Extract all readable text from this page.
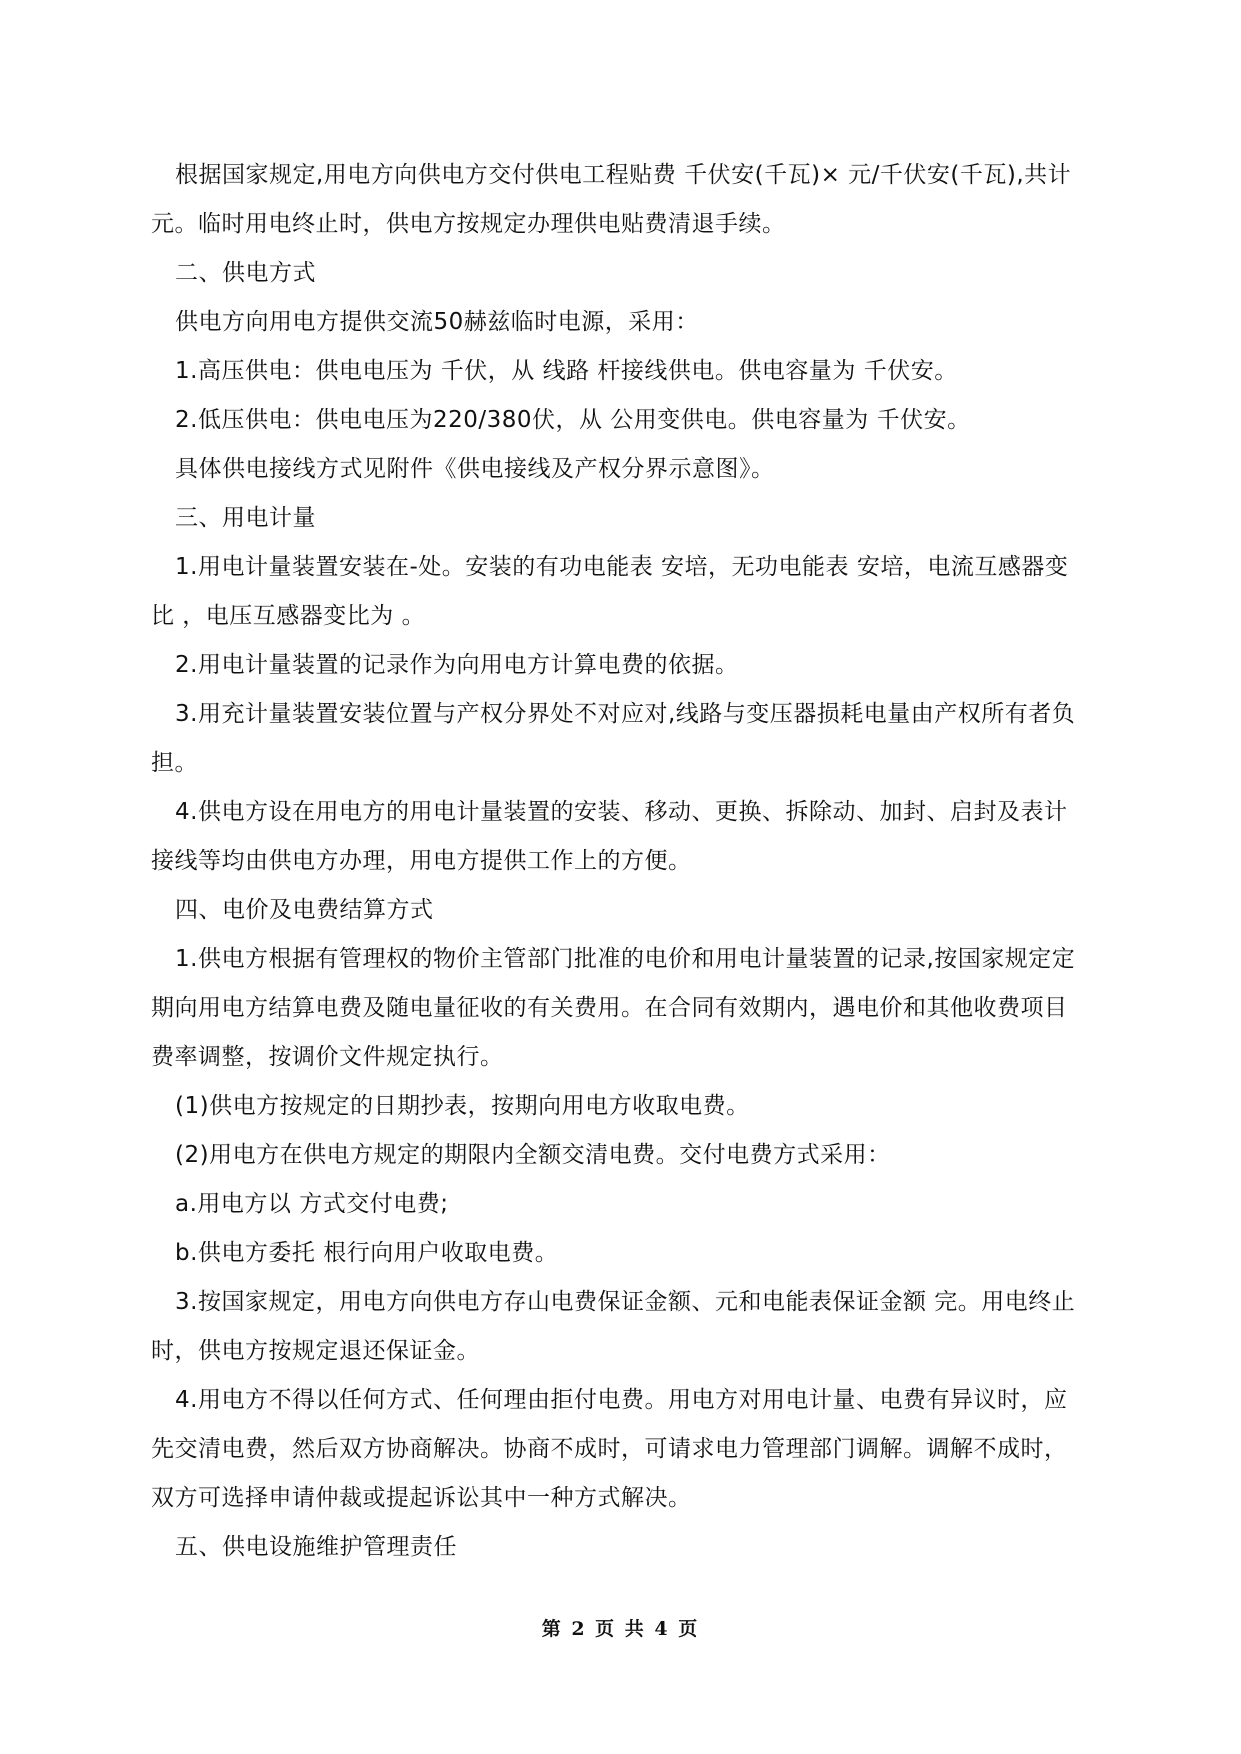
根据国家规定,用电方向供电方交付供电工程贴费 千伏安(千瓦)× 元/千伏安(千瓦),共计 元。临时用电终止时，供电方按规定办理供电贴费清退手续。

二、供电方式

供电方向用电方提供交流50赫兹临时电源，采用：

1.高压供电：供电电压为 千伏，从 线路 杆接线供电。供电容量为 千伏安。

2.低压供电：供电电压为220/380伏，从 公用变供电。供电容量为 千伏安。

具体供电接线方式见附件《供电接线及产权分界示意图》。

三、用电计量

1.用电计量装置安装在-处。安装的有功电能表 安培，无功电能表 安培，电流互感器变比 ，电压互感器变比为 。

2.用电计量装置的记录作为向用电方计算电费的依据。

3.用充计量装置安装位置与产权分界处不对应对,线路与变压器损耗电量由产权所有者负担。

4.供电方设在用电方的用电计量装置的安装、移动、更换、拆除动、加封、启封及表计接线等均由供电方办理，用电方提供工作上的方便。

四、电价及电费结算方式

1.供电方根据有管理权的物价主管部门批准的电价和用电计量装置的记录,按国家规定定期向用电方结算电费及随电量征收的有关费用。在合同有效期内，遇电价和其他收费项目费率调整，按调价文件规定执行。

(1)供电方按规定的日期抄表，按期向用电方收取电费。

(2)用电方在供电方规定的期限内全额交清电费。交付电费方式采用：

a.用电方以 方式交付电费;

b.供电方委托 根行向用户收取电费。

3.按国家规定，用电方向供电方存山电费保证金额、元和电能表保证金额 完。用电终止时，供电方按规定退还保证金。

4.用电方不得以任何方式、任何理由拒付电费。用电方对用电计量、电费有异议时，应先交清电费，然后双方协商解决。协商不成时，可请求电力管理部门调解。调解不成时，双方可选择申请仲裁或提起诉讼其中一种方式解决。

五、供电设施维护管理责任

第 2 页 共 4 页
